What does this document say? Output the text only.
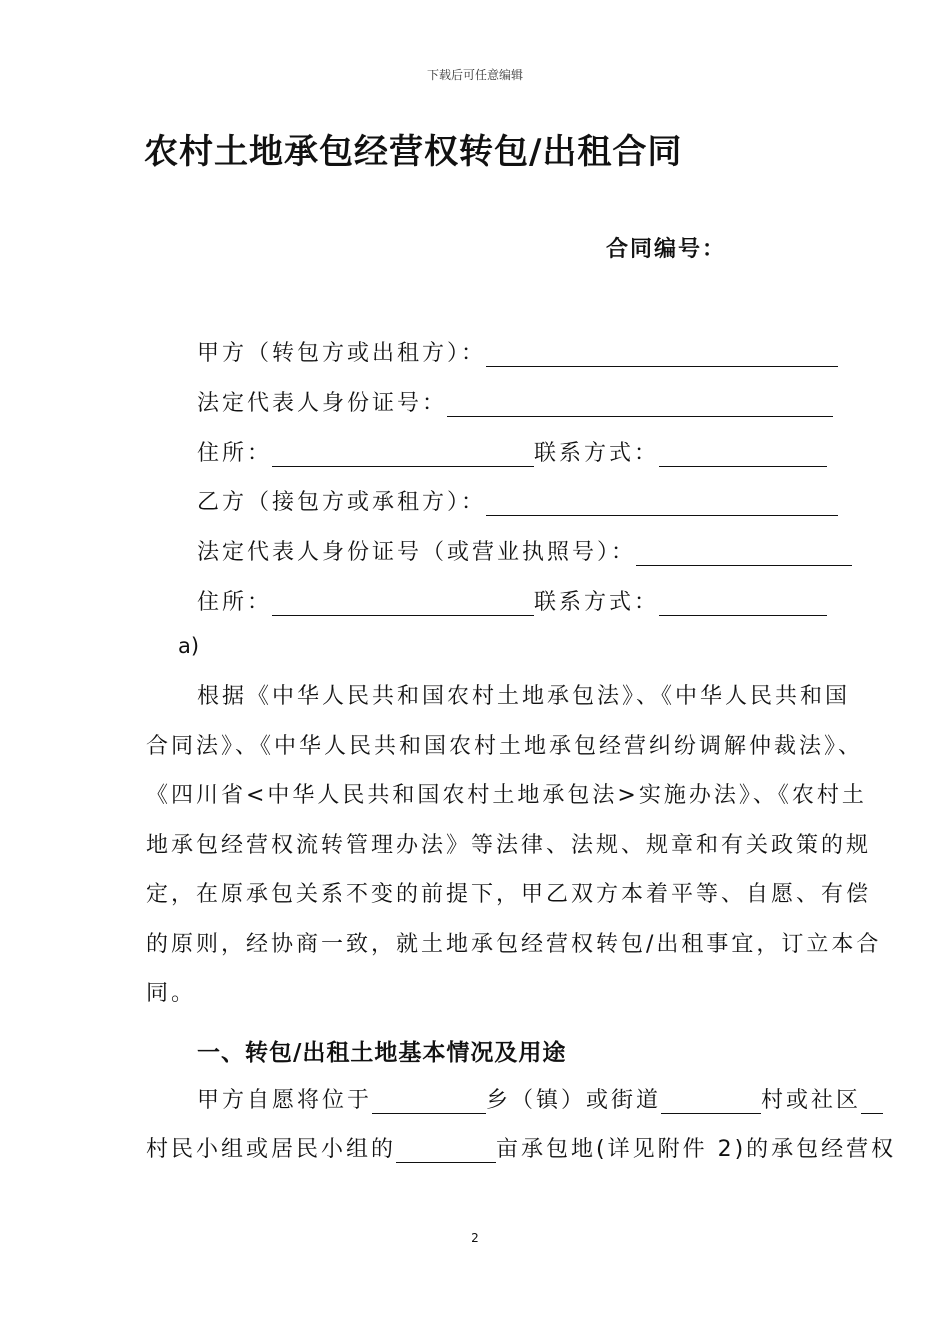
下载后可任意编辑
农村土地承包经营权转包/出租合同
合同编号：
甲方（转包方或出租方）：
法定代表人身份证号：
住所：	联系方式：
乙方（接包方或承租方）：
法定代表人身份证号（或营业执照号）：
住所：	联系方式：
a)
根据《中华人民共和国农村土地承包法》、《中华人民共和国
合同法》、《中华人民共和国农村土地承包经营纠纷调解仲裁法》、
《四川省<中华人民共和国农村土地承包法>实施办法》、《农村土
地承包经营权流转管理办法》等法律、法规、规章和有关政策的规
定，在原承包关系不变的前提下，甲乙双方本着平等、自愿、有偿
的原则，经协商一致，就土地承包经营权转包/出租事宜，订立本合
同。
一、转包/出租土地基本情况及用途
甲方自愿将位于	乡（镇）或街道	村或社区
村民小组或居民小组的	亩承包地(详见附件 2)的承包经营权
2
